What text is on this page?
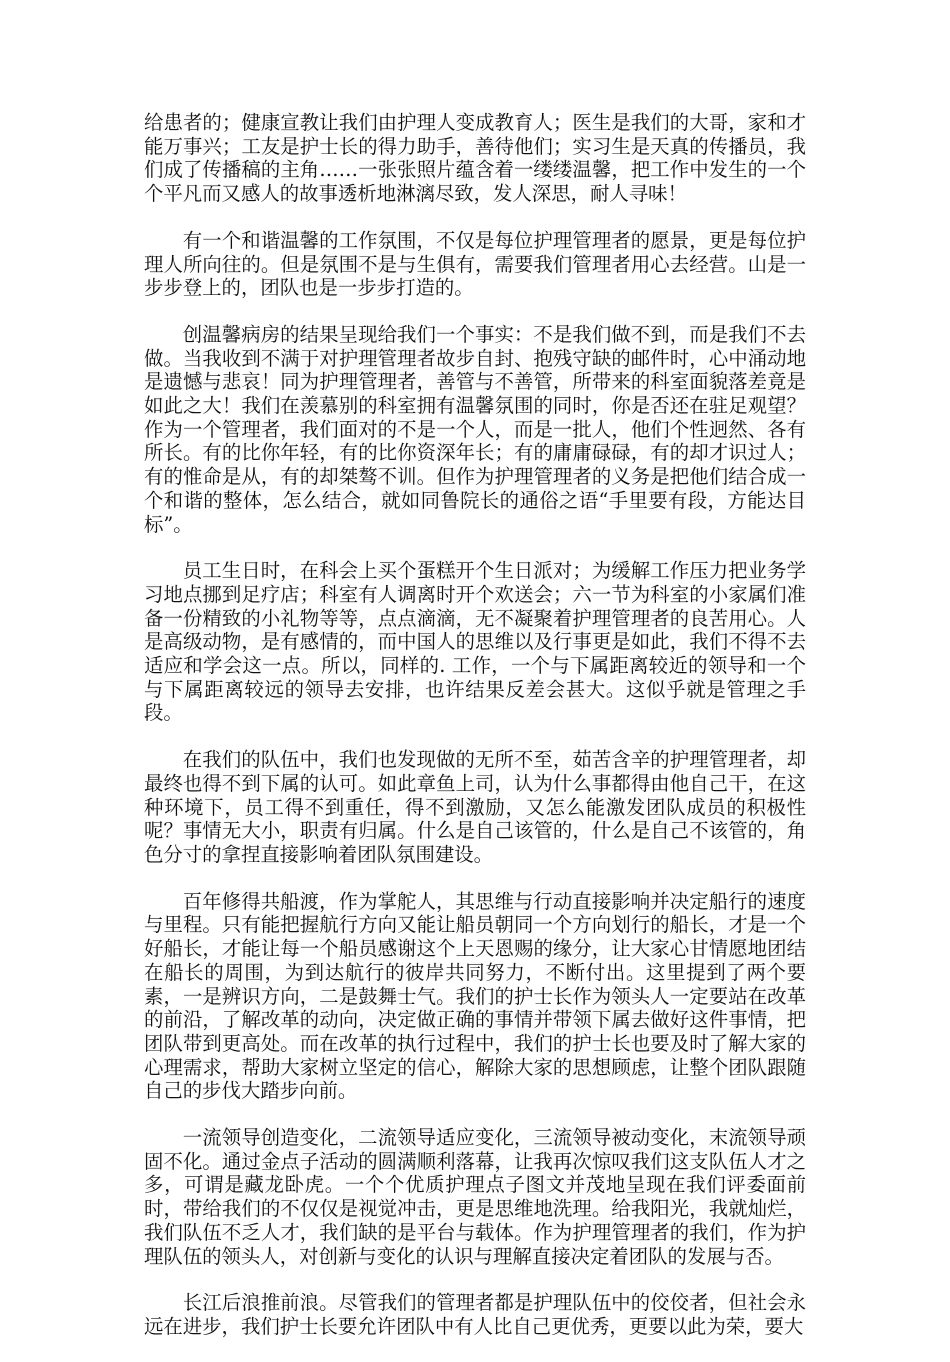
给患者的；健康宣教让我们由护理人变成教育人；医生是我们的大哥，家和才能万事兴；工友是护士长的得力助手，善待他们；实习生是天真的传播员，我们成了传播稿的主角……一张张照片蕴含着一缕缕温馨，把工作中发生的一个个平凡而又感人的故事透析地淋漓尽致，发人深思，耐人寻味！

有一个和谐温馨的工作氛围，不仅是每位护理管理者的愿景，更是每位护理人所向往的。但是氛围不是与生俱有，需要我们管理者用心去经营。山是一步步登上的，团队也是一步步打造的。

创温馨病房的结果呈现给我们一个事实：不是我们做不到，而是我们不去做。当我收到不满于对护理管理者故步自封、抱残守缺的邮件时，心中涌动地是遗憾与悲哀！同为护理管理者，善管与不善管，所带来的科室面貌落差竟是如此之大！我们在羡慕别的科室拥有温馨氛围的同时，你是否还在驻足观望？作为一个管理者，我们面对的不是一个人，而是一批人，他们个性迥然、各有所长。有的比你年轻，有的比你资深年长；有的庸庸碌碌，有的却才识过人；有的惟命是从，有的却桀骜不训。但作为护理管理者的义务是把他们结合成一个和谐的整体，怎么结合，就如同鲁院长的通俗之语“手里要有段，方能达目标”。

员工生日时，在科会上买个蛋糕开个生日派对；为缓解工作压力把业务学习地点挪到足疗店；科室有人调离时开个欢送会；六一节为科室的小家属们准备一份精致的小礼物等等，点点滴滴，无不凝聚着护理管理者的良苦用心。人是高级动物，是有感情的，而中国人的思维以及行事更是如此，我们不得不去适应和学会这一点。所以，同样的. 工作，一个与下属距离较近的领导和一个与下属距离较远的领导去安排，也许结果反差会甚大。这似乎就是管理之手段。

在我们的队伍中，我们也发现做的无所不至，茹苦含辛的护理管理者，却最终也得不到下属的认可。如此章鱼上司，认为什么事都得由他自己干，在这种环境下，员工得不到重任，得不到激励，又怎么能激发团队成员的积极性呢？事情无大小，职责有归属。什么是自己该管的，什么是自己不该管的，角色分寸的拿捏直接影响着团队氛围建设。

百年修得共船渡，作为掌舵人，其思维与行动直接影响并决定船行的速度与里程。只有能把握航行方向又能让船员朝同一个方向划行的船长，才是一个好船长，才能让每一个船员感谢这个上天恩赐的缘分，让大家心甘情愿地团结在船长的周围，为到达航行的彼岸共同努力，不断付出。这里提到了两个要素，一是辨识方向，二是鼓舞士气。我们的护士长作为领头人一定要站在改革的前沿，了解改革的动向，决定做正确的事情并带领下属去做好这件事情，把团队带到更高处。而在改革的执行过程中，我们的护士长也要及时了解大家的心理需求，帮助大家树立坚定的信心，解除大家的思想顾虑，让整个团队跟随自己的步伐大踏步向前。

一流领导创造变化，二流领导适应变化，三流领导被动变化，末流领导顽固不化。通过金点子活动的圆满顺利落幕，让我再次惊叹我们这支队伍人才之多，可谓是藏龙卧虎。一个个优质护理点子图文并茂地呈现在我们评委面前时，带给我们的不仅仅是视觉冲击，更是思维地洗理。给我阳光，我就灿烂，我们队伍不乏人才，我们缺的是平台与载体。作为护理管理者的我们，作为护理队伍的领头人，对创新与变化的认识与理解直接决定着团队的发展与否。

长江后浪推前浪。尽管我们的管理者都是护理队伍中的佼佼者，但社会永远在进步，我们护士长要允许团队中有人比自己更优秀，更要以此为荣，要大
